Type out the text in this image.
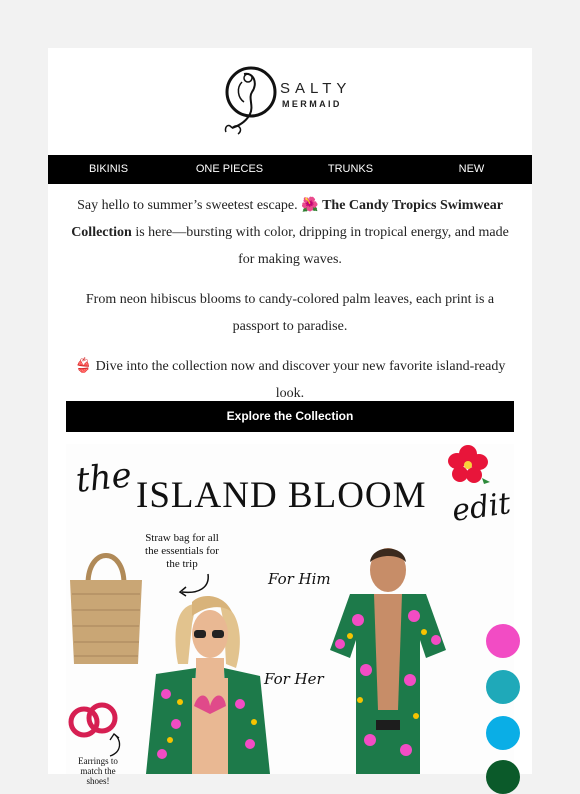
SALTY
MERMAID
BIKINIS	ONE PIECES	TRUNKS	NEW

Say hello to summer’s sweetest escape. 🌺 The Candy Tropics Swimwear Collection is here—bursting with color, dripping in tropical energy, and made for making waves.

From neon hibiscus blooms to candy-colored palm leaves, each print is a passport to paradise.

👙 Dive into the collection now and discover your new favorite island-ready look.

Explore the Collection
the ISLAND BLOOM edit
Straw bag for all the essentials for the trip
Earrings to match the shoes!
For Him
For Her
